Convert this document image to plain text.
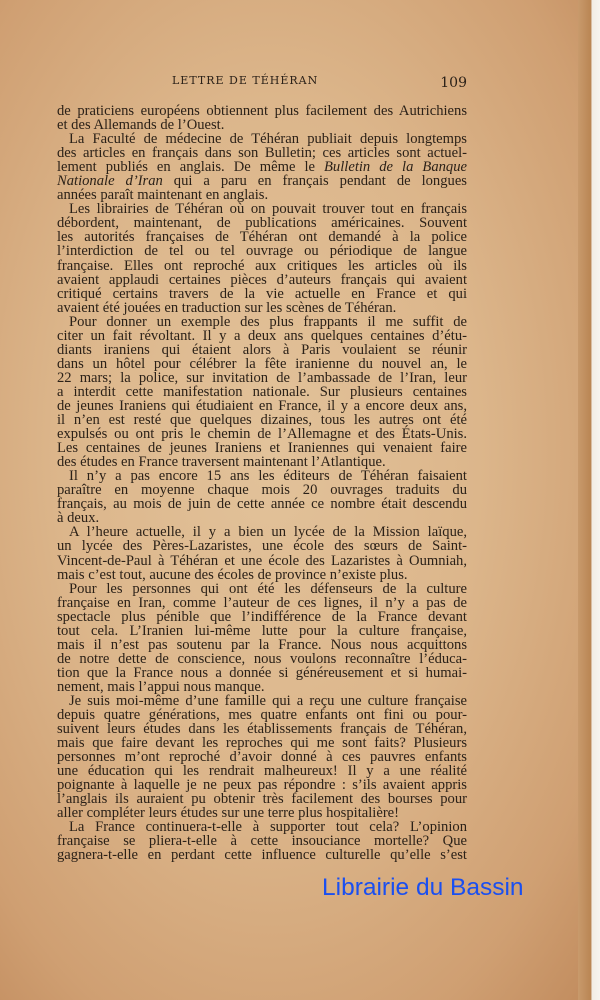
LETTRE DE TÉHÉRAN	109
de praticiens européens obtiennent plus facilement des Autrichiens
et des Allemands de l’Ouest.
La Faculté de médecine de Téhéran publiait depuis longtemps
des articles en français dans son Bulletin; ces articles sont actuel-
lement publiés en anglais. De même le Bulletin de la Banque
Nationale d’Iran qui a paru en français pendant de longues
années paraît maintenant en anglais.
Les librairies de Téhéran où on pouvait trouver tout en français
débordent, maintenant, de publications américaines. Souvent
les autorités françaises de Téhéran ont demandé à la police
l’interdiction de tel ou tel ouvrage ou périodique de langue
française. Elles ont reproché aux critiques les articles où ils
avaient applaudi certaines pièces d’auteurs français qui avaient
critiqué certains travers de la vie actuelle en France et qui
avaient été jouées en traduction sur les scènes de Téhéran.
Pour donner un exemple des plus frappants il me suffit de
citer un fait révoltant. Il y a deux ans quelques centaines d’étu-
diants iraniens qui étaient alors à Paris voulaient se réunir
dans un hôtel pour célébrer la fête iranienne du nouvel an, le
22 mars; la police, sur invitation de l’ambassade de l’Iran, leur
a interdit cette manifestation nationale. Sur plusieurs centaines
de jeunes Iraniens qui étudiaient en France, il y a encore deux ans,
il n’en est resté que quelques dizaines, tous les autres ont été
expulsés ou ont pris le chemin de l’Allemagne et des États-Unis.
Les centaines de jeunes Iraniens et Iraniennes qui venaient faire
des études en France traversent maintenant l’Atlantique.
Il n’y a pas encore 15 ans les éditeurs de Téhéran faisaient
paraître en moyenne chaque mois 20 ouvrages traduits du
français, au mois de juin de cette année ce nombre était descendu
à deux.
A l’heure actuelle, il y a bien un lycée de la Mission laïque,
un lycée des Pères-Lazaristes, une école des sœurs de Saint-
Vincent-de-Paul à Téhéran et une école des Lazaristes à Oumniah,
mais c’est tout, aucune des écoles de province n’existe plus.
Pour les personnes qui ont été les défenseurs de la culture
française en Iran, comme l’auteur de ces lignes, il n’y a pas de
spectacle plus pénible que l’indifférence de la France devant
tout cela. L’Iranien lui-même lutte pour la culture française,
mais il n’est pas soutenu par la France. Nous nous acquittons
de notre dette de conscience, nous voulons reconnaître l’éduca-
tion que la France nous a donnée si généreusement et si humai-
nement, mais l’appui nous manque.
Je suis moi-même d’une famille qui a reçu une culture française
depuis quatre générations, mes quatre enfants ont fini ou pour-
suivent leurs études dans les établissements français de Téhéran,
mais que faire devant les reproches qui me sont faits? Plusieurs
personnes m’ont reproché d’avoir donné à ces pauvres enfants
une éducation qui les rendrait malheureux! Il y a une réalité
poignante à laquelle je ne peux pas répondre : s’ils avaient appris
l’anglais ils auraient pu obtenir très facilement des bourses pour
aller compléter leurs études sur une terre plus hospitalière!
La France continuera-t-elle à supporter tout cela? L’opinion
française se pliera-t-elle à cette insouciance mortelle? Que
gagnera-t-elle en perdant cette influence culturelle qu’elle s’est
Librairie du Bassin
